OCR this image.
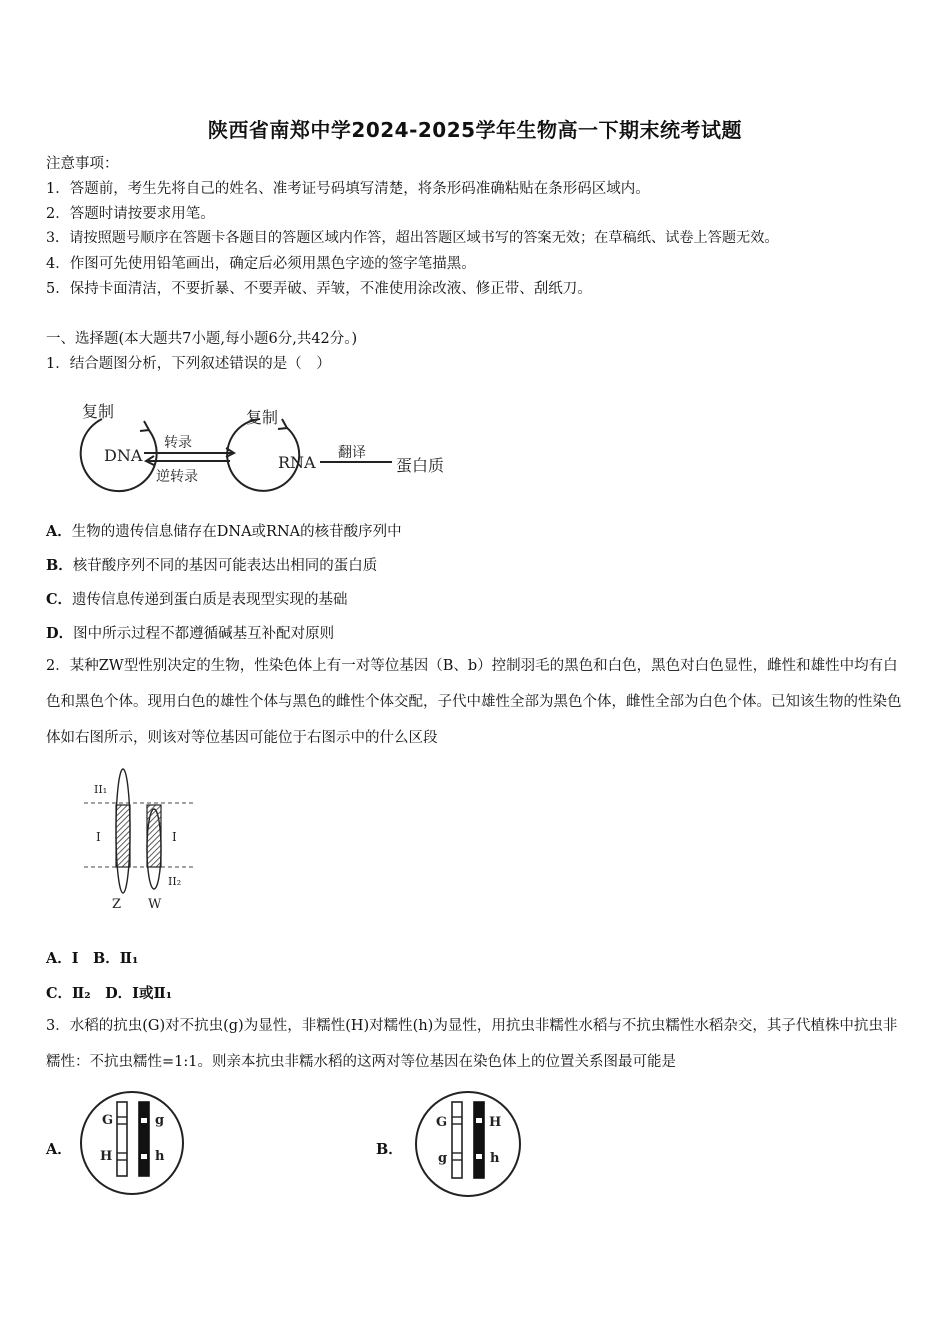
陕西省南郑中学2024-2025学年生物高一下期末统考试题
注意事项：
1．答题前，考生先将自己的姓名、准考证号码填写清楚，将条形码准确粘贴在条形码区域内。
2．答题时请按要求用笔。
3．请按照题号顺序在答题卡各题目的答题区域内作答，超出答题区域书写的答案无效；在草稿纸、试卷上答题无效。
4．作图可先使用铅笔画出，确定后必须用黑色字迹的签字笔描黑。
5．保持卡面清洁，不要折暴、不要弄破、弄皱，不准使用涂改液、修正带、刮纸刀。
一、选择题(本大题共7小题,每小题6分,共42分。)
1．结合题图分析，下列叙述错误的是（　）
复制
DNA
转录
逆转录
复制
RNA 翻译
蛋白质
A．生物的遗传信息储存在DNA或RNA的核苷酸序列中
B．核苷酸序列不同的基因可能表达出相同的蛋白质
C．遗传信息传递到蛋白质是表现型实现的基础
D．图中所示过程不都遵循碱基互补配对原则
2．某种ZW型性别决定的生物，性染色体上有一对等位基因（B、b）控制羽毛的黑色和白色，黑色对白色显性，雌性和雄性中均有白色和黑色个体。现用白色的雄性个体与黑色的雌性个体交配，子代中雄性全部为黑色个体，雌性全部为白色个体。已知该生物的性染色体如右图所示，则该对等位基因可能位于右图示中的什么区段
II₁
I	I
II₂
Z W
A．Ⅰ　B．Ⅱ₁
C．Ⅱ₂　D．Ⅰ或Ⅱ₁
3．水稻的抗虫(G)对不抗虫(g)为显性，非糯性(H)对糯性(h)为显性，用抗虫非糯性水稻与不抗虫糯性水稻杂交，其子代植株中抗虫非糯性：不抗虫糯性=1:1。则亲本抗虫非糯水稻的这两对等位基因在染色体上的位置关系图最可能是
A．
G
H
g
h	B．
G
g
H
h
